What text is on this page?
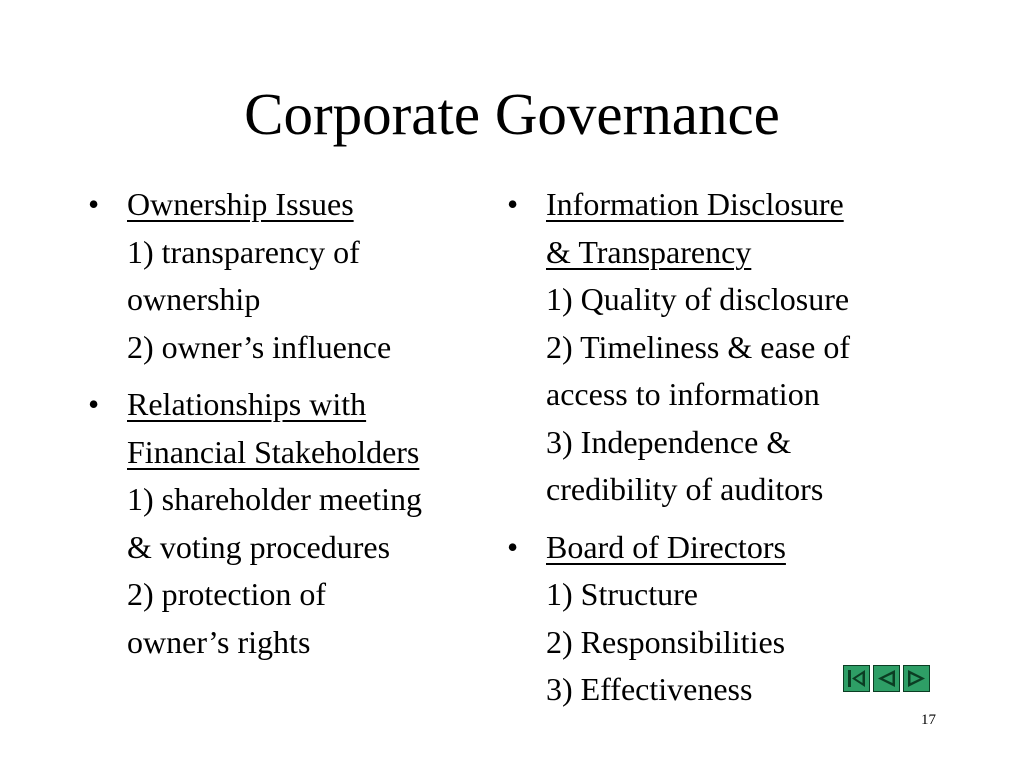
Corporate Governance
• Ownership Issues
1) transparency of
ownership
2) owner’s influence
• Relationships with
Financial Stakeholders
1) shareholder meeting
& voting procedures
2) protection of
owner’s rights
• Information Disclosure
& Transparency
1) Quality of disclosure
2) Timeliness & ease of
access to information
3) Independence &
credibility of auditors
• Board of Directors
1) Structure
2) Responsibilities
3) Effectiveness
17
